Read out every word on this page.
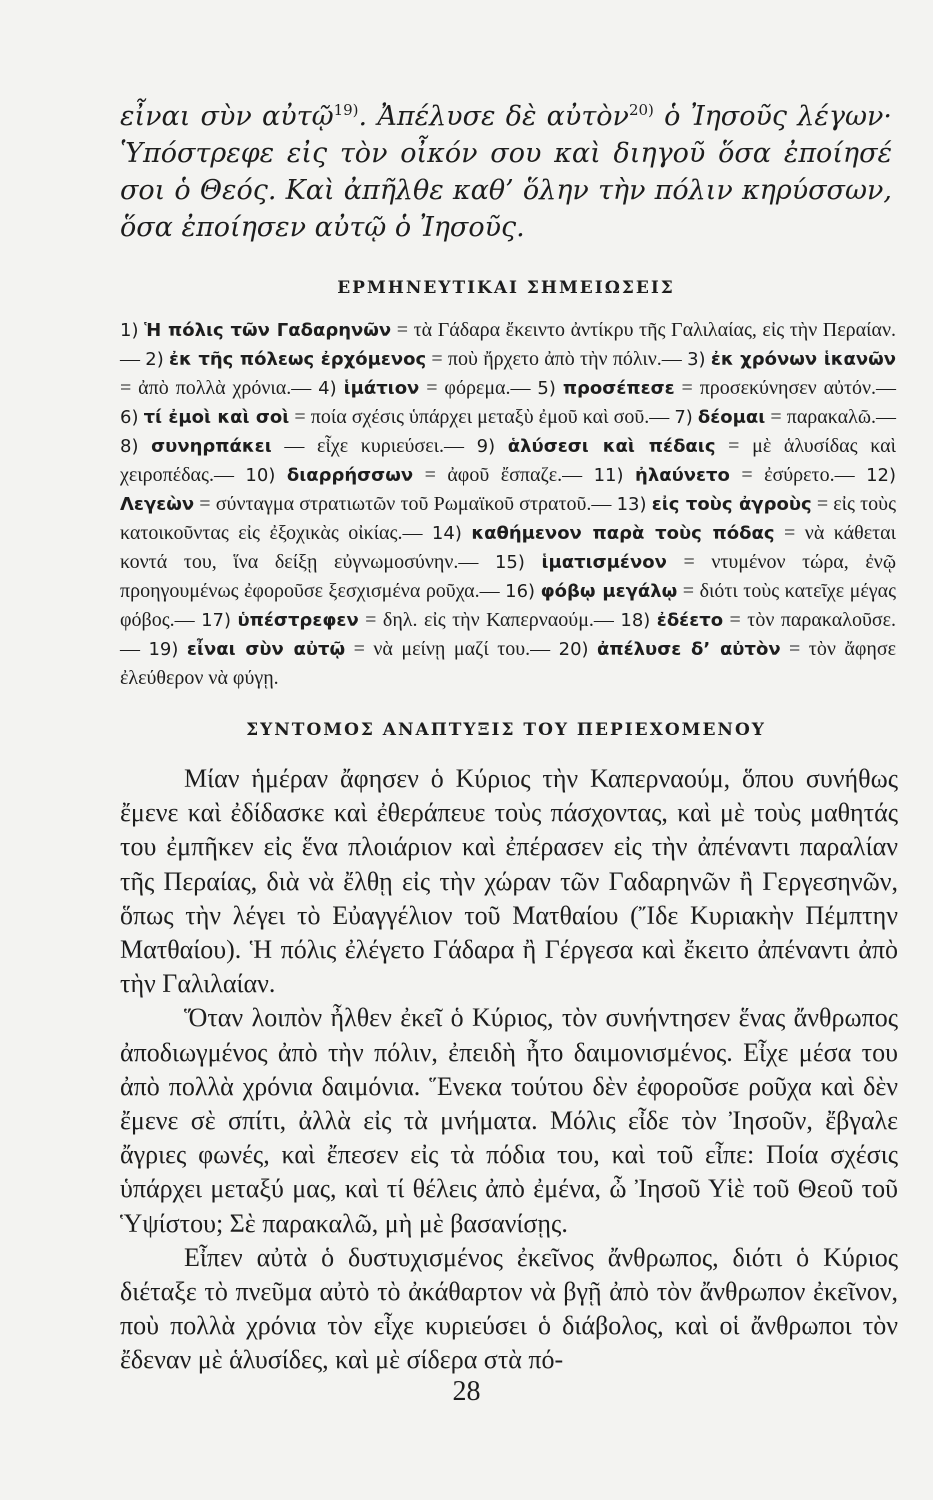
εἶναι σὺν αὐτῷ$^{19)}$. Ἀπέλυσε δὲ αὐτὸν$^{20)}$ ὁ Ἰησοῦς λέγων· Ὑπόστρεφε εἰς τὸν οἶκόν σου καὶ διηγοῦ ὅσα ἐποίησέ σοι ὁ Θεός. Καὶ ἀπῆλθε καθ’ ὅλην τὴν πόλιν κηρύσσων, ὅσα ἐποίησεν αὐτῷ ὁ Ἰησοῦς.

ΕΡΜΗΝΕΥΤΙΚΑΙ ΣΗΜΕΙΩΣΕΙΣ
1) Ἡ πόλις τῶν Γαδαρηνῶν = τὰ Γάδαρα ἔκειντο ἀντίκρυ τῆς Γαλιλαίας, εἰς τὴν Περαίαν.— 2) ἐκ τῆς πόλεως ἐρχόμενος = ποὺ ἤρχετο ἀπὸ τὴν πόλιν.— 3) ἐκ χρόνων ἱκανῶν = ἀπὸ πολλὰ χρόνια.— 4) ἱμάτιον = φόρεμα.— 5) προσέπεσε = προσεκύνησεν αὐτόν.— 6) τί ἐμοὶ καὶ σοὶ = ποία σχέσις ὑπάρχει μεταξὺ ἐμοῦ καὶ σοῦ.— 7) δέομαι = παρακαλῶ.— 8) συνηρπάκει — εἶχε κυριεύσει.— 9) ἁλύσεσι καὶ πέδαις = μὲ ἁλυσίδας καὶ χειροπέδας.— 10) διαρρήσσων = ἀφοῦ ἔσπαζε.— 11) ἠλαύνετο = ἐσύρετο.— 12) Λεγεὼν = σύνταγμα στρατιωτῶν τοῦ Ρωμαϊκοῦ στρατοῦ.— 13) εἰς τοὺς ἀγροὺς = εἰς τοὺς κατοικοῦντας εἰς ἐξοχικὰς οἰκίας.— 14) καθήμενον παρὰ τοὺς πόδας = νὰ κάθεται κοντά του, ἵνα δείξῃ εὐγνωμοσύνην.— 15) ἱματισμένον = ντυμένον τώρα, ἐνῷ προηγουμένως ἐφοροῦσε ξεσχισμένα ροῦχα.— 16) φόβῳ μεγάλῳ = διότι τοὺς κατεῖχε μέγας φόβος.— 17) ὑπέστρεφεν = δηλ. εἰς τὴν Καπερναούμ.— 18) ἐδέετο = τὸν παρακαλοῦσε.— 19) εἶναι σὺν αὐτῷ = νὰ μείνῃ μαζί του.— 20) ἀπέλυσε δ’ αὐτὸν = τὸν ἄφησε ἐλεύθερον νὰ φύγῃ.
ΣΥΝΤΟΜΟΣ ΑΝΑΠΤΥΞΙΣ ΤΟΥ ΠΕΡΙΕΧΟΜΕΝΟΥ

Μίαν ἡμέραν ἄφησεν ὁ Κύριος τὴν Καπερναούμ, ὅπου συνήθως ἔμενε καὶ ἐδίδασκε καὶ ἐθεράπευε τοὺς πάσχοντας, καὶ μὲ τοὺς μαθητάς του ἐμπῆκεν εἰς ἕνα πλοιάριον καὶ ἐπέρασεν εἰς τὴν ἀπέναντι παραλίαν τῆς Περαίας, διὰ νὰ ἔλθῃ εἰς τὴν χώραν τῶν Γαδαρηνῶν ἢ Γεργεσηνῶν, ὅπως τὴν λέγει τὸ Εὐαγγέλιον τοῦ Ματθαίου (Ἴδε Κυριακὴν Πέμπτην Ματθαίου). Ἡ πόλις ἐλέγετο Γάδαρα ἢ Γέργεσα καὶ ἔκειτο ἀπέναντι ἀπὸ τὴν Γαλιλαίαν.

Ὅταν λοιπὸν ἦλθεν ἐκεῖ ὁ Κύριος, τὸν συνήντησεν ἕνας ἄνθρωπος ἀποδιωγμένος ἀπὸ τὴν πόλιν, ἐπειδὴ ἦτο δαιμονισμένος. Εἶχε μέσα του ἀπὸ πολλὰ χρόνια δαιμόνια. Ἕνεκα τούτου δὲν ἐφοροῦσε ροῦχα καὶ δὲν ἔμενε σὲ σπίτι, ἀλλὰ εἰς τὰ μνήματα. Μόλις εἶδε τὸν Ἰησοῦν, ἔβγαλε ἄγριες φωνές, καὶ ἔπεσεν εἰς τὰ πόδια του, καὶ τοῦ εἶπε: Ποία σχέσις ὑπάρχει μεταξύ μας, καὶ τί θέλεις ἀπὸ ἐμένα, ὦ Ἰησοῦ Υἱὲ τοῦ Θεοῦ τοῦ Ὑψίστου; Σὲ παρακαλῶ, μὴ μὲ βασανίσῃς.

Εἶπεν αὐτὰ ὁ δυστυχισμένος ἐκεῖνος ἄνθρωπος, διότι ὁ Κύριος διέταξε τὸ πνεῦμα αὐτὸ τὸ ἀκάθαρτον νὰ βγῇ ἀπὸ τὸν ἄνθρωπον ἐκεῖνον, ποὺ πολλὰ χρόνια τὸν εἶχε κυριεύσει ὁ διάβολος, καὶ οἱ ἄνθρωποι τὸν ἔδεναν μὲ ἁλυσίδες, καὶ μὲ σίδερα στὰ πό-

28
